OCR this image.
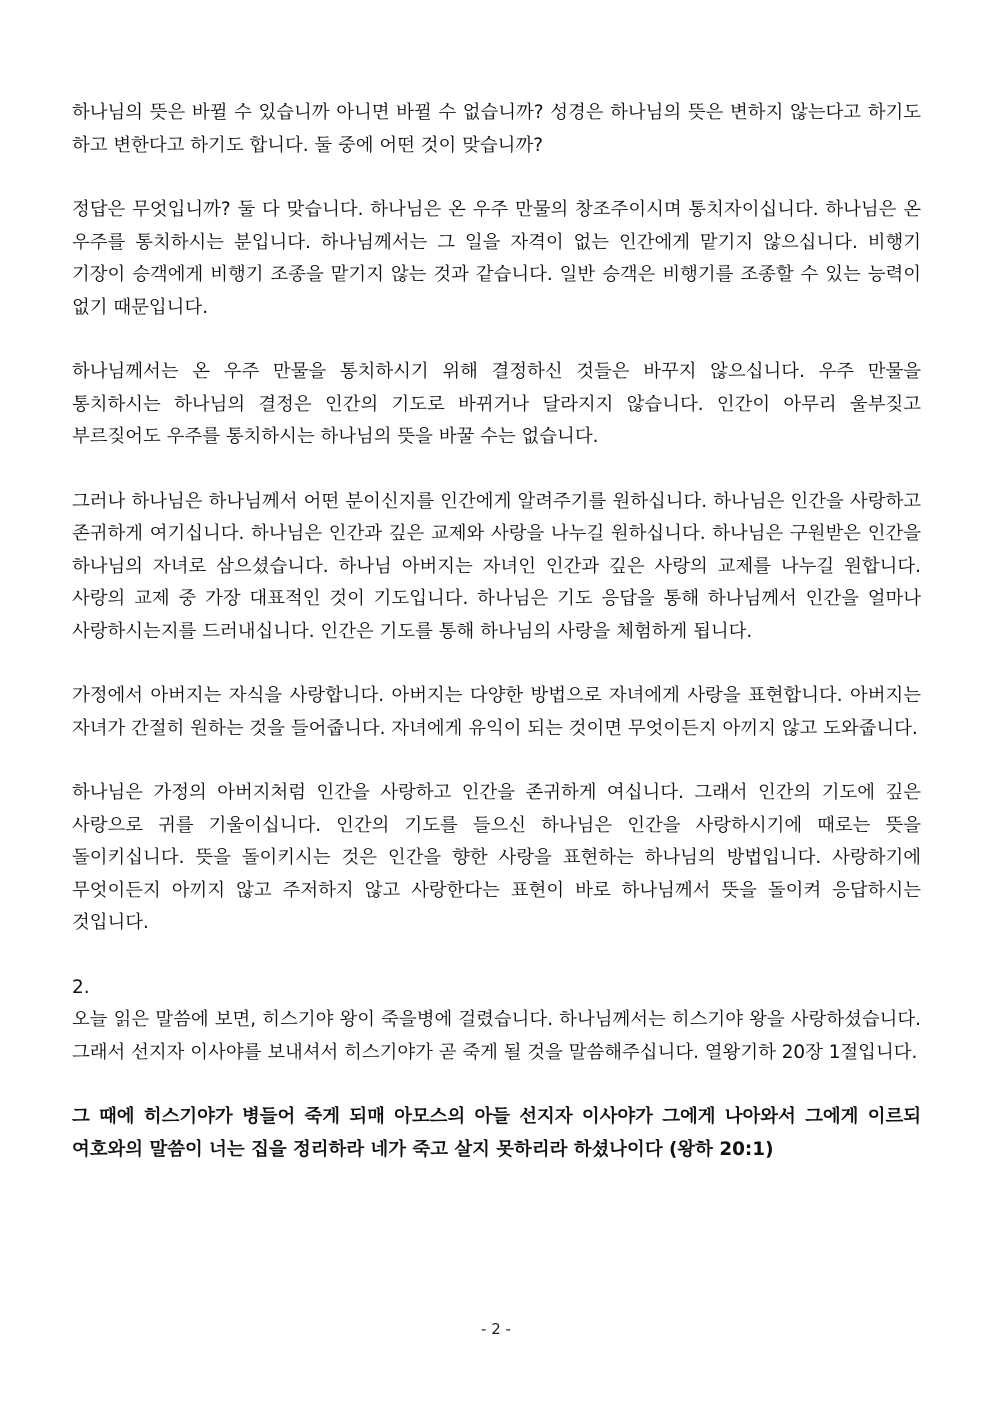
하나님의 뜻은 바뀔 수 있습니까 아니면 바뀔 수 없습니까? 성경은 하나님의 뜻은 변하지 않는다고 하기도 하고 변한다고 하기도 합니다. 둘 중에 어떤 것이 맞습니까?

정답은 무엇입니까? 둘 다 맞습니다. 하나님은 온 우주 만물의 창조주이시며 통치자이십니다. 하나님은 온 우주를 통치하시는 분입니다. 하나님께서는 그 일을 자격이 없는 인간에게 맡기지 않으십니다. 비행기 기장이 승객에게 비행기 조종을 맡기지 않는 것과 같습니다. 일반 승객은 비행기를 조종할 수 있는 능력이 없기 때문입니다.

하나님께서는 온 우주 만물을 통치하시기 위해 결정하신 것들은 바꾸지 않으십니다. 우주 만물을 통치하시는 하나님의 결정은 인간의 기도로 바뀌거나 달라지지 않습니다. 인간이 아무리 울부짖고 부르짖어도 우주를 통치하시는 하나님의 뜻을 바꿀 수는 없습니다.

그러나 하나님은 하나님께서 어떤 분이신지를 인간에게 알려주기를 원하십니다. 하나님은 인간을 사랑하고 존귀하게 여기십니다. 하나님은 인간과 깊은 교제와 사랑을 나누길 원하십니다. 하나님은 구원받은 인간을 하나님의 자녀로 삼으셨습니다. 하나님 아버지는 자녀인 인간과 깊은 사랑의 교제를 나누길 원합니다. 사랑의 교제 중 가장 대표적인 것이 기도입니다. 하나님은 기도 응답을 통해 하나님께서 인간을 얼마나 사랑하시는지를 드러내십니다. 인간은 기도를 통해 하나님의 사랑을 체험하게 됩니다.

가정에서 아버지는 자식을 사랑합니다. 아버지는 다양한 방법으로 자녀에게 사랑을 표현합니다. 아버지는 자녀가 간절히 원하는 것을 들어줍니다. 자녀에게 유익이 되는 것이면 무엇이든지 아끼지 않고 도와줍니다.

하나님은 가정의 아버지처럼 인간을 사랑하고 인간을 존귀하게 여십니다. 그래서 인간의 기도에 깊은 사랑으로 귀를 기울이십니다. 인간의 기도를 들으신 하나님은 인간을 사랑하시기에 때로는 뜻을 돌이키십니다. 뜻을 돌이키시는 것은 인간을 향한 사랑을 표현하는 하나님의 방법입니다. 사랑하기에 무엇이든지 아끼지 않고 주저하지 않고 사랑한다는 표현이 바로 하나님께서 뜻을 돌이켜 응답하시는 것입니다.

2.

오늘 읽은 말씀에 보면, 히스기야 왕이 죽을병에 걸렸습니다. 하나님께서는 히스기야 왕을 사랑하셨습니다. 그래서 선지자 이사야를 보내셔서 히스기야가 곧 죽게 될 것을 말씀해주십니다. 열왕기하 20장 1절입니다.

그 때에 히스기야가 병들어 죽게 되매 아모스의 아들 선지자 이사야가 그에게 나아와서 그에게 이르되 여호와의 말씀이 너는 집을 정리하라 네가 죽고 살지 못하리라 하셨나이다 (왕하 20:1)

- 2 -
